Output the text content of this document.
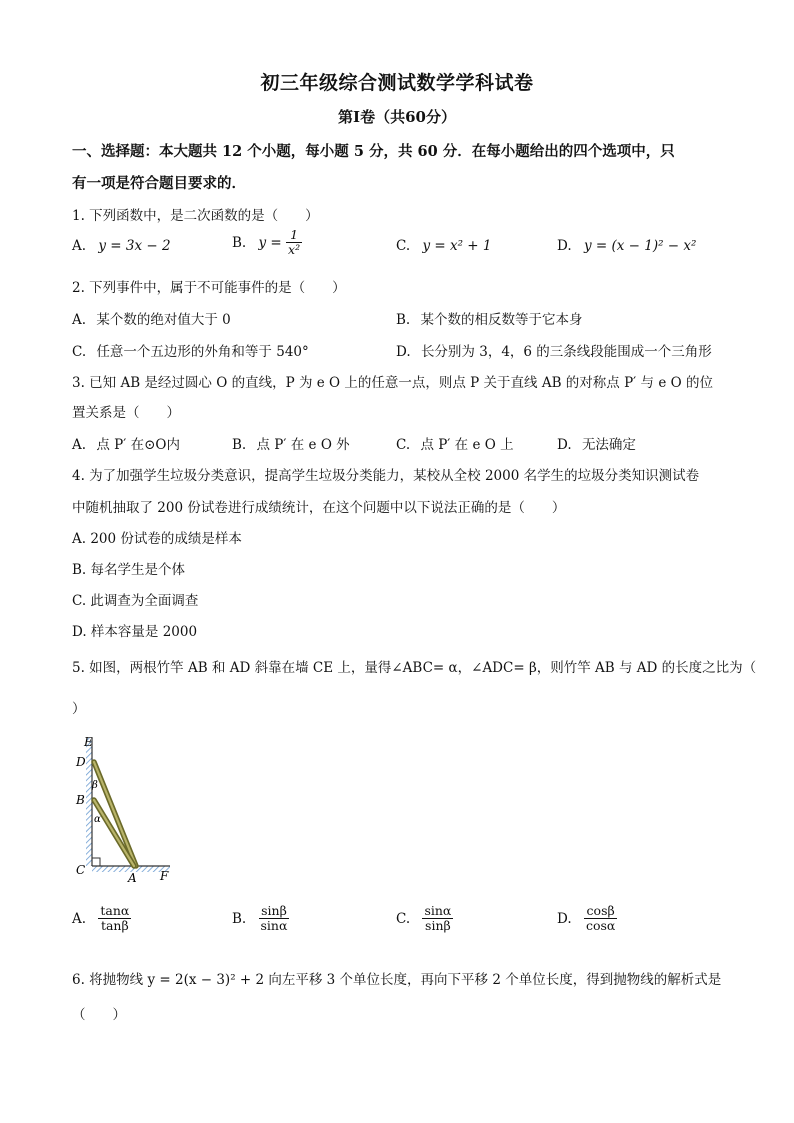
初三年级综合测试数学学科试卷
第Ⅰ卷（共60分）
一、选择题：本大题共 12 个小题，每小题 5 分，共 60 分．在每小题给出的四个选项中，只
有一项是符合题目要求的．
1. 下列函数中，是二次函数的是（　　）
A. y = 3x − 2	B. $y = \frac{1}{\text{x²}}$	C. y = x² + 1	D. y = (x − 1)² − x²
2. 下列事件中，属于不可能事件的是（　　）
A. 某个数的绝对值大于 0	B. 某个数的相反数等于它本身
C. 任意一个五边形的外角和等于 540°	D. 长分别为 3，4，6 的三条线段能围成一个三角形
3. 已知 AB 是经过圆心 O 的直线，P 为 e O 上的任意一点，则点 P 关于直线 AB 的对称点 P′ 与 e O 的位
置关系是（　　）
A. 点 P′ 在⊙O内	B. 点 P′ 在 e O 外	C. 点 P′ 在 e O 上	D. 无法确定
4. 为了加强学生垃圾分类意识，提高学生垃圾分类能力，某校从全校 2000 名学生的垃圾分类知识测试卷
中随机抽取了 200 份试卷进行成绩统计，在这个问题中以下说法正确的是（　　）
A. 200 份试卷的成绩是样本
B. 每名学生是个体
C. 此调查为全面调查
D. 样本容量是 2000
5. 如图，两根竹竿 AB 和 AD 斜靠在墙 CE 上，量得∠ABC= α，∠ADC= β，则竹竿 AB 与 AD 的长度之比为（
）
E
D
B
C
A F
β
α
A. $\frac{\tan\alpha}{\tan\beta}$	B. $\frac{\sin\beta}{\sin\alpha}$	C. $\frac{\sin\alpha}{\sin\beta}$	D. $\frac{\cos\beta}{\cos\alpha}$
6. 将抛物线 y = 2(x − 3)² + 2 向左平移 3 个单位长度，再向下平移 2 个单位长度，得到抛物线的解析式是
（　　）
